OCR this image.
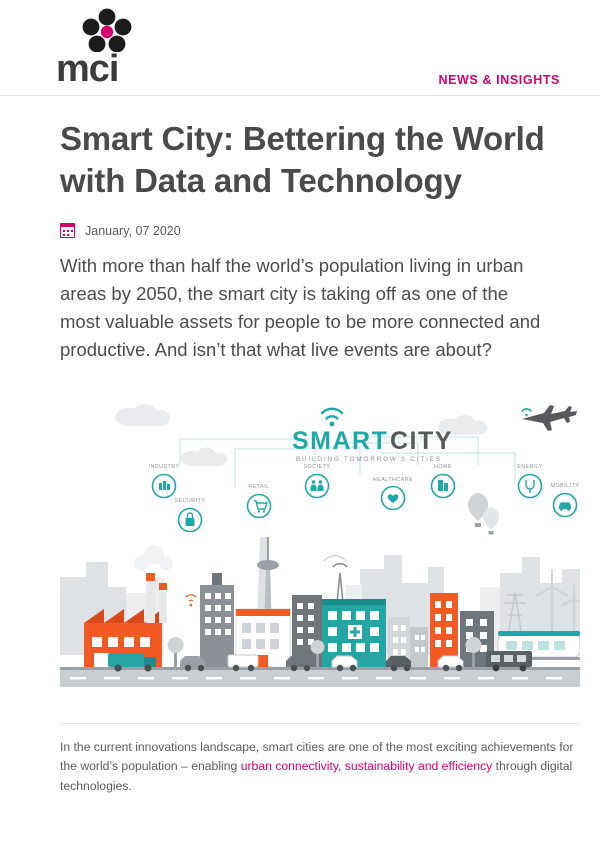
mci	NEWS & INSIGHTS
Smart City: Bettering the World with Data and Technology
January, 07 2020

With more than half the world’s population living in urban areas by 2050, the smart city is taking off as one of the most valuable assets for people to be more connected and productive. And isn’t that what live events are about?

SMART CITY
BUILDING TOMORROW'S CITIES
INDUSTRY
SECURITY
RETAIL
SOCIETY
HEALTHCARE
HOME	ENERGY
MOBILITY
In the current innovations landscape, smart cities are one of the most exciting achievements for the world’s population – enabling urban connectivity, sustainability and efficiency through digital technologies.
